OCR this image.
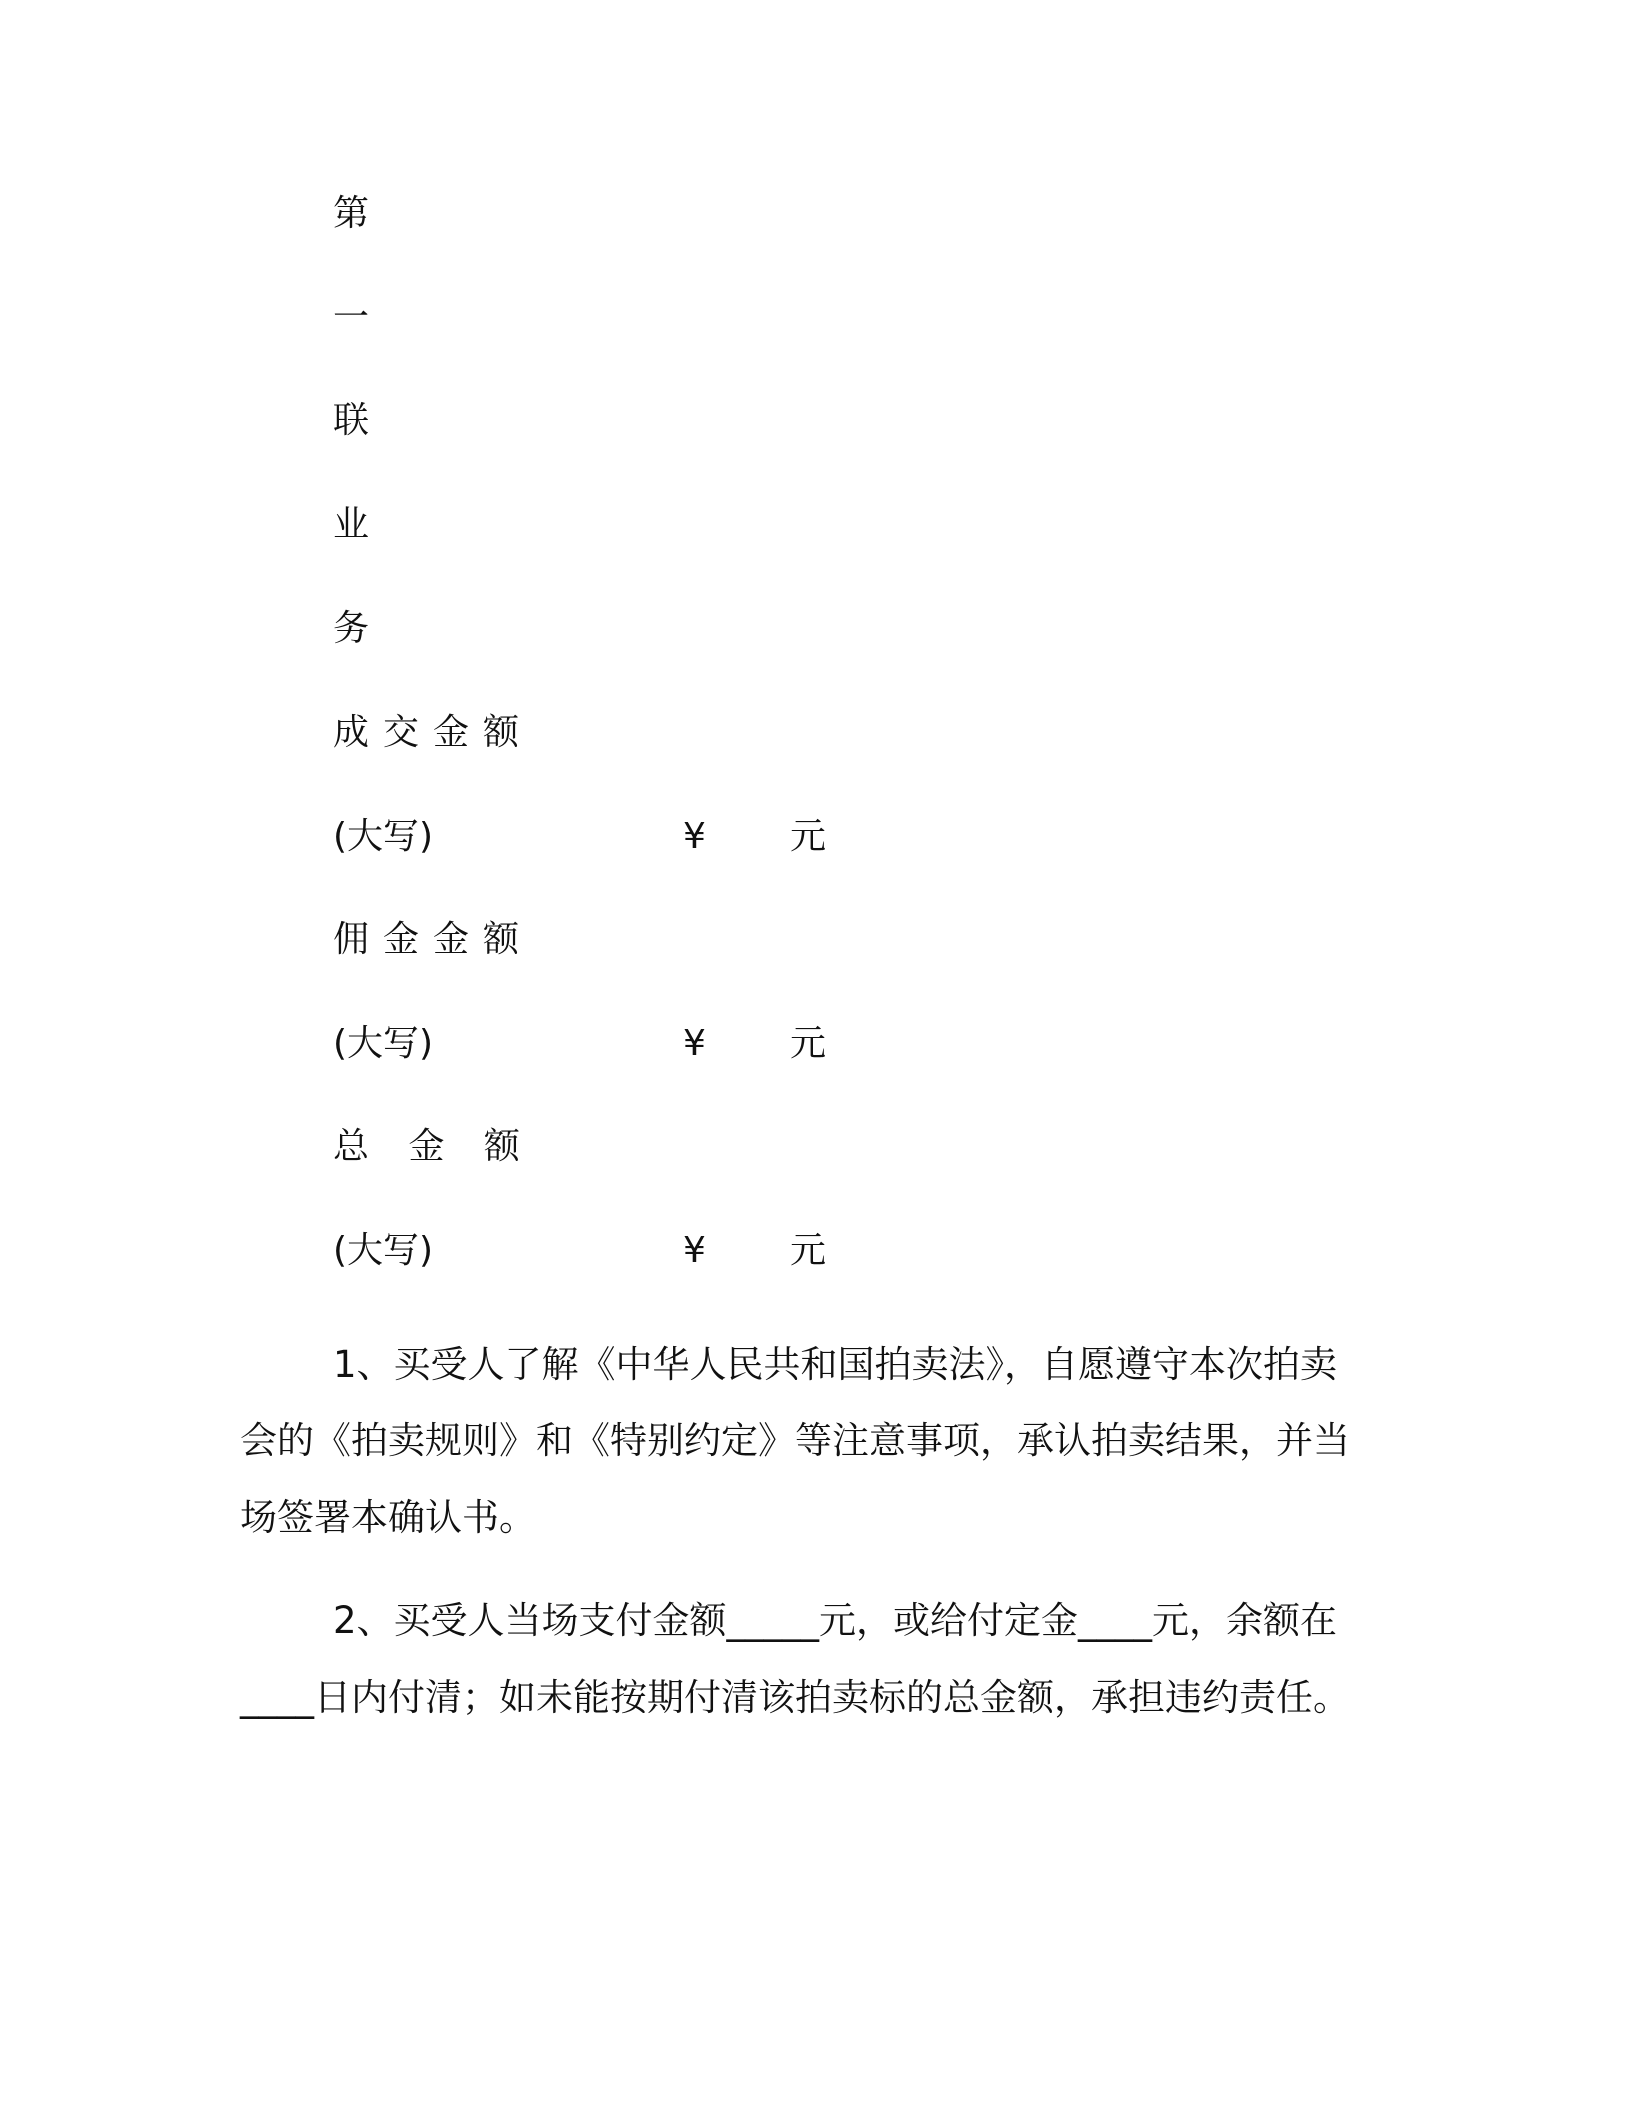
第
一
联
业
务
成交金额
(大写)	¥ 元
佣金金额
(大写)	¥ 元
总 金 额
(大写)	¥ 元
1、买受人了解《中华人民共和国拍卖法》，自愿遵守本次拍卖
会的《拍卖规则》和《特别约定》等注意事项，承认拍卖结果，并当
场签署本确认书。
2、买受人当场支付金额_____元，或给付定金____元，余额在
____日内付清；如未能按期付清该拍卖标的总金额，承担违约责任。
